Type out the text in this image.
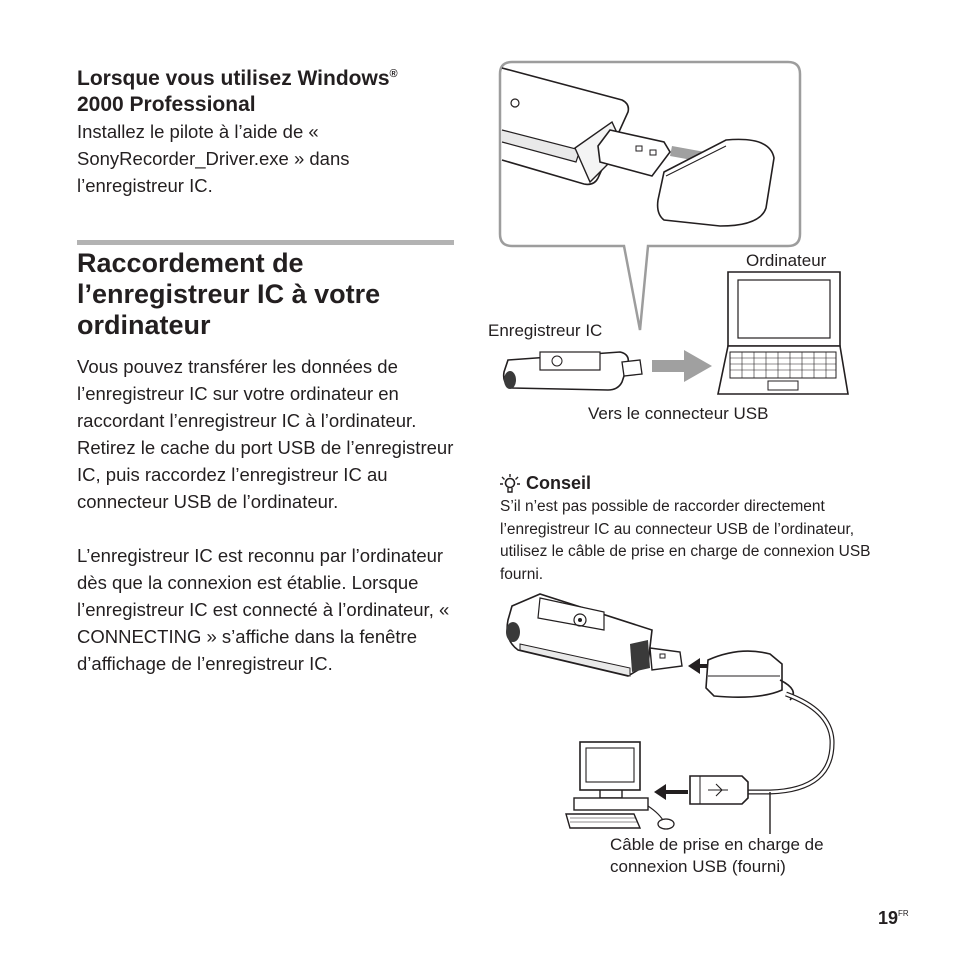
Lorsque vous utilisez Windows®
2000 Professional
Installez le pilote à l’aide de « SonyRecorder_Driver.exe » dans l’enregistreur IC.
Raccordement de
l’enregistreur IC à votre
ordinateur
Vous pouvez transférer les données de l’enregistreur IC sur votre ordinateur en raccordant l’enregistreur IC à l’ordinateur. Retirez le cache du port USB de l’enregistreur IC, puis raccordez l’enregistreur IC au connecteur USB de l’ordinateur.
L’enregistreur IC est reconnu par l’ordinateur dès que la connexion est établie. Lorsque l’enregistreur IC est connecté à l’ordinateur, « CONNECTING » s’affiche dans la fenêtre d’affichage de l’enregistreur IC.
Ordinateur
Enregistreur IC
Vers le connecteur USB
Conseil
S’il n’est pas possible de raccorder directement l’enregistreur IC au connecteur USB de l’ordinateur, utilisez le câble de prise en charge de connexion USB fourni.
Câble de prise en charge de
connexion USB (fourni)
$19^{FR}$
